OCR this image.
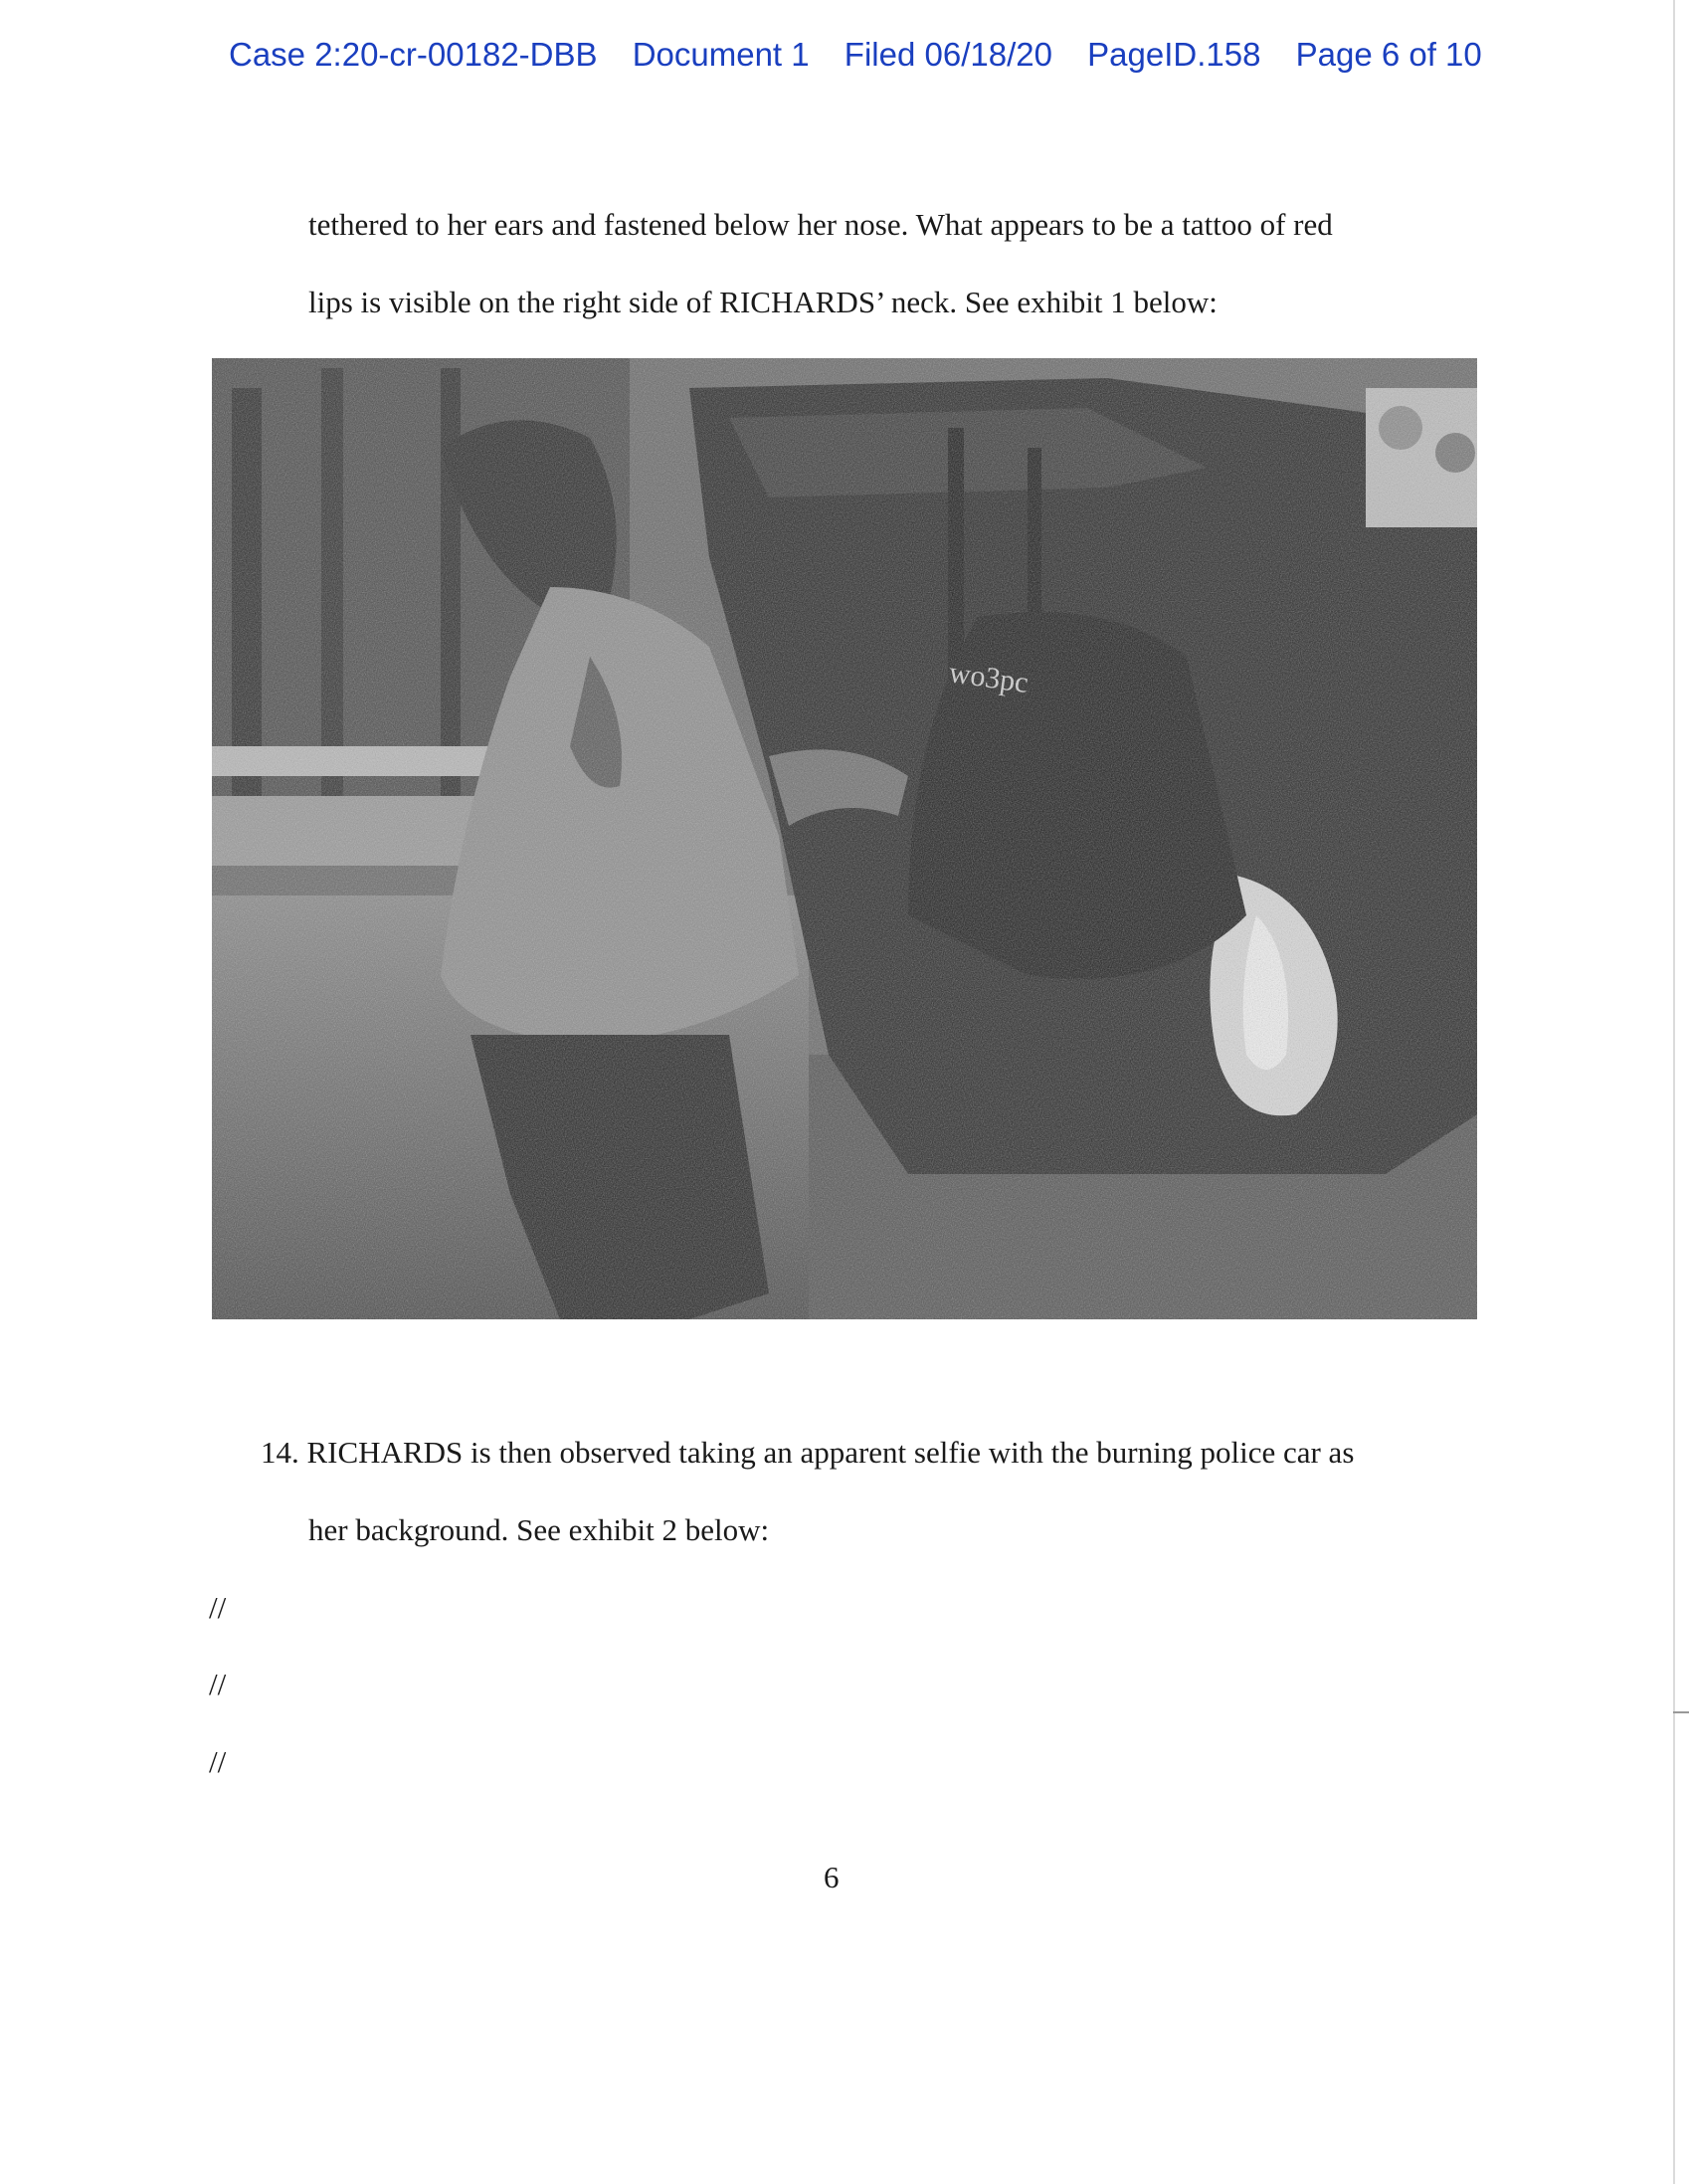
Case 2:20-cr-00182-DBB Document 1 Filed 06/18/20 PageID.158 Page 6 of 10
tethered to her ears and fastened below her nose. What appears to be a tattoo of red
lips is visible on the right side of RICHARDS’ neck. See exhibit 1 below:
14. RICHARDS is then observed taking an apparent selfie with the burning police car as
her background. See exhibit 2 below:
//
//
//
6
